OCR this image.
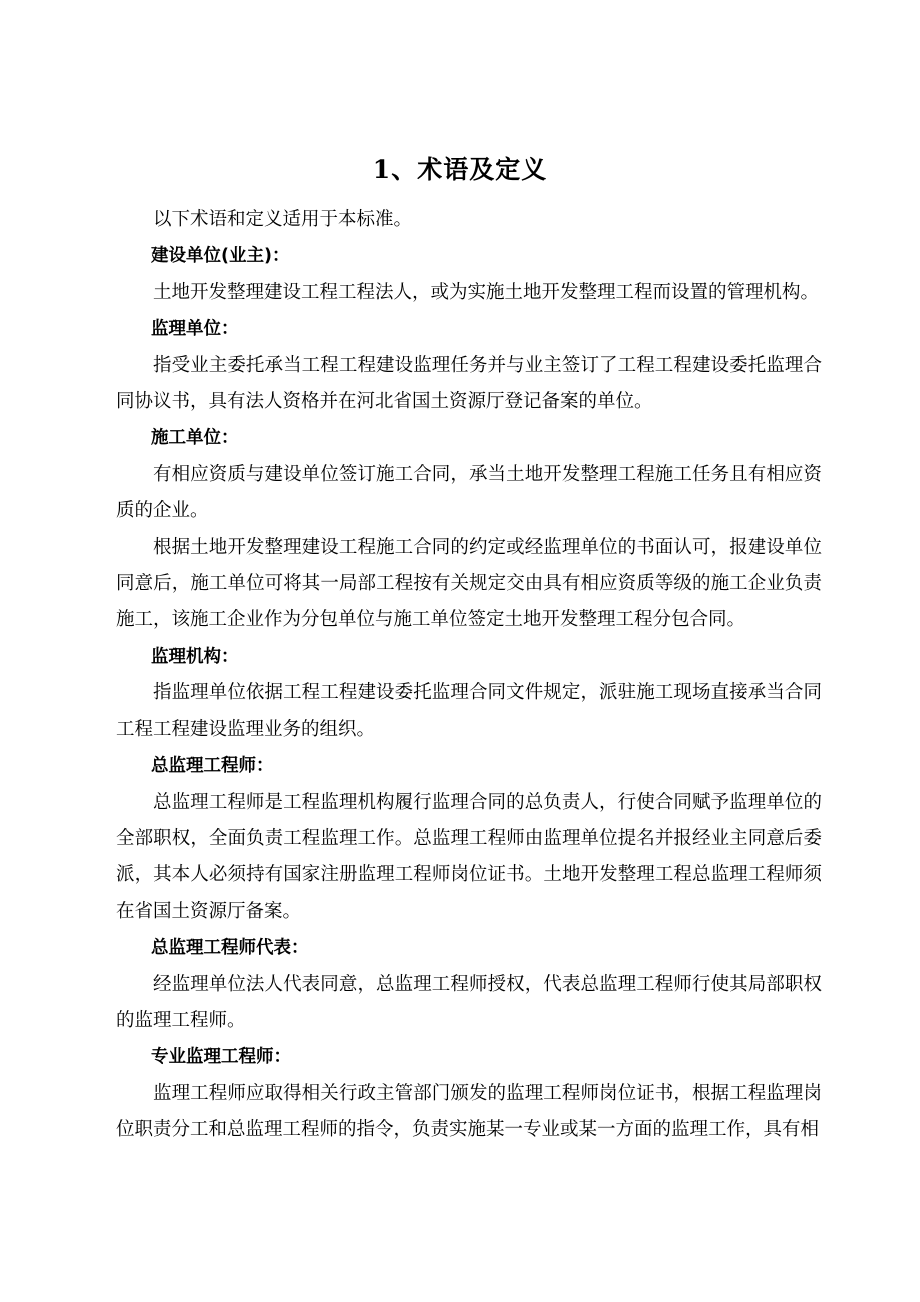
1、术语及定义

以下术语和定义适用于本标准。

建设单位(业主)：

土地开发整理建设工程工程法人，或为实施土地开发整理工程而设置的管理机构。

监理单位：

指受业主委托承当工程工程建设监理任务并与业主签订了工程工程建设委托监理合同协议书，具有法人资格并在河北省国土资源厅登记备案的单位。

施工单位：

有相应资质与建设单位签订施工合同，承当土地开发整理工程施工任务且有相应资质的企业。

根据土地开发整理建设工程施工合同的约定或经监理单位的书面认可，报建设单位同意后，施工单位可将其一局部工程按有关规定交由具有相应资质等级的施工企业负责施工，该施工企业作为分包单位与施工单位签定土地开发整理工程分包合同。

监理机构：

指监理单位依据工程工程建设委托监理合同文件规定，派驻施工现场直接承当合同工程工程建设监理业务的组织。

总监理工程师：

总监理工程师是工程监理机构履行监理合同的总负责人，行使合同赋予监理单位的全部职权，全面负责工程监理工作。总监理工程师由监理单位提名并报经业主同意后委派，其本人必须持有国家注册监理工程师岗位证书。土地开发整理工程总监理工程师须在省国土资源厅备案。

总监理工程师代表：

经监理单位法人代表同意，总监理工程师授权，代表总监理工程师行使其局部职权的监理工程师。

专业监理工程师：

监理工程师应取得相关行政主管部门颁发的监理工程师岗位证书，根据工程监理岗位职责分工和总监理工程师的指令，负责实施某一专业或某一方面的监理工作，具有相
